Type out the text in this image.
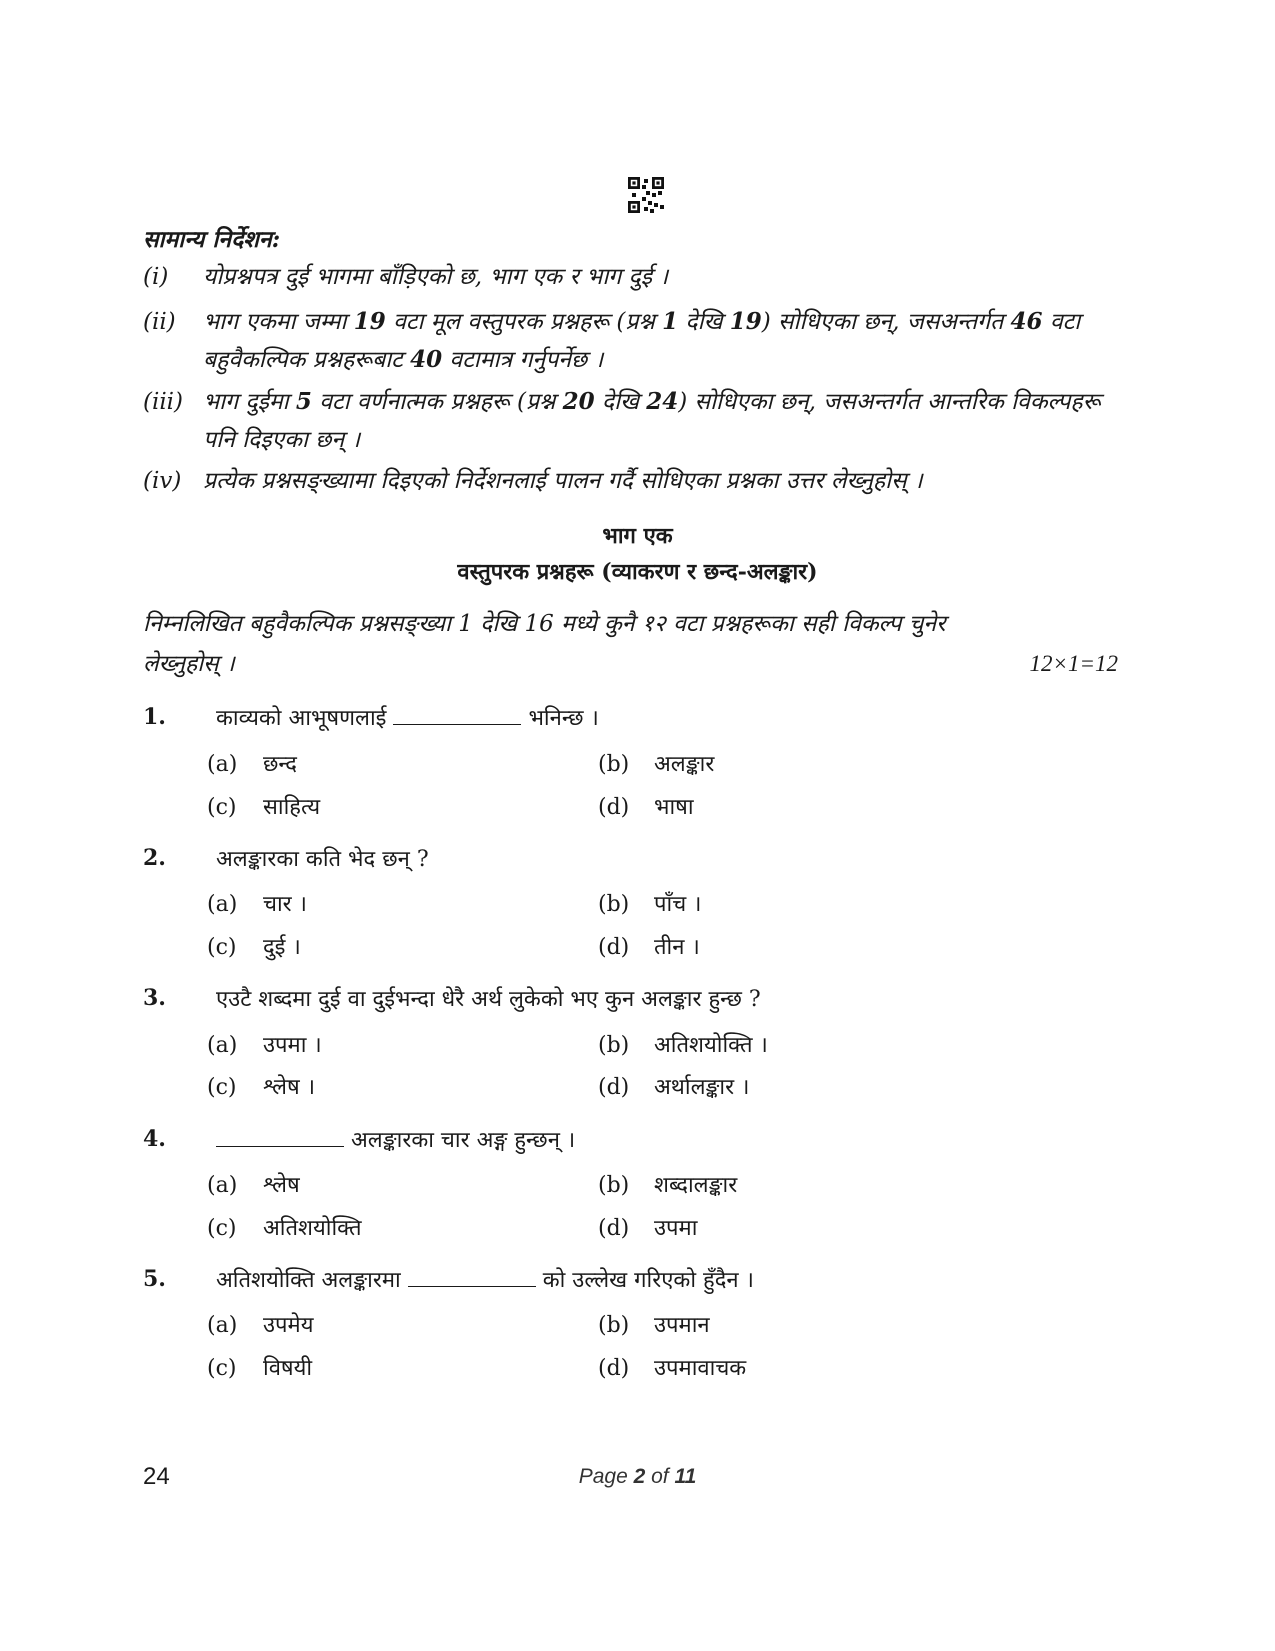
सामान्य निर्देशन:
(i) योप्रश्नपत्र दुई भागमा बाँड़िएको छ, भाग एक र भाग दुई ।
(ii) भाग एकमा जम्मा 19 वटा मूल वस्तुपरक प्रश्नहरू (प्रश्न 1 देखि 19) सोधिएका छन्, जसअन्तर्गत 46 वटा बहुवैकल्पिक प्रश्नहरूबाट 40 वटामात्र गर्नुपर्नेछ ।
(iii) भाग दुईमा 5 वटा वर्णनात्मक प्रश्नहरू (प्रश्न 20 देखि 24) सोधिएका छन्, जसअन्तर्गत आन्तरिक विकल्पहरू पनि दिइएका छन् ।
(iv) प्रत्येक प्रश्नसङ्ख्यामा दिइएको निर्देशनलाई पालन गर्दै सोधिएका प्रश्नका उत्तर लेख्नुहोस् ।
भाग एक
वस्तुपरक प्रश्नहरू (व्याकरण र छन्द-अलङ्कार)
निम्नलिखित बहुवैकल्पिक प्रश्नसङ्ख्या 1 देखि 16 मध्ये कुनै १२ वटा प्रश्नहरूका सही विकल्प चुनेर लेख्नुहोस् ।	12×1=12
1. काव्यको आभूषणलाई	भनिन्छ ।
(a) छन्द	(b) अलङ्कार
(c) साहित्य	(d) भाषा
2. अलङ्कारका कति भेद छन् ?
(a) चार ।	(b) पाँच ।
(c) दुई ।	(d) तीन ।
3. एउटै शब्दमा दुई वा दुईभन्दा धेरै अर्थ लुकेको भए कुन अलङ्कार हुन्छ ?
(a) उपमा ।	(b) अतिशयोक्ति ।
(c) श्लेष ।	(d) अर्थालङ्कार ।
4.	अलङ्कारका चार अङ्ग हुन्छन् ।
(a) श्लेष	(b) शब्दालङ्कार
(c) अतिशयोक्ति	(d) उपमा
5. अतिशयोक्ति अलङ्कारमा	को उल्लेख गरिएको हुँदैन ।
(a) उपमेय	(b) उपमान
(c) विषयी	(d) उपमावाचक
24	Page 2 of 11
